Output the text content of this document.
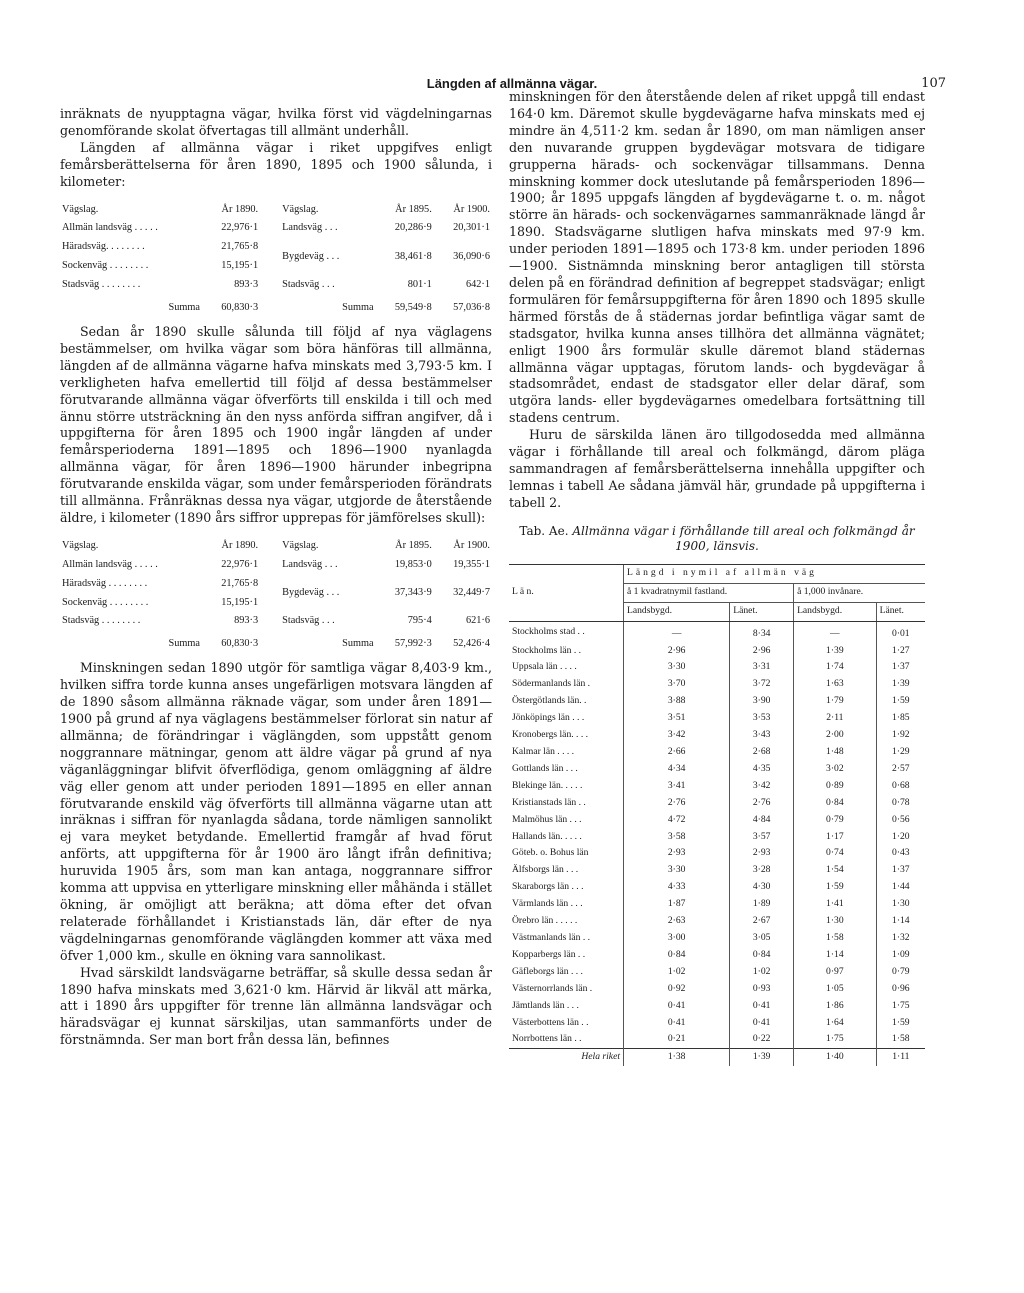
Längden af allmänna vägar.	107

inräknats de nyupptagna vägar, hvilka först vid vägdelningarnas genomförande skolat öfvertagas till allmänt underhåll.

Längden af allmänna vägar i riket uppgifves enligt femårsberättelserna för åren 1890, 1895 och 1900 sålunda, i kilometer:

Vägslag.	År 1890.	Vägslag.	År 1895.	År 1900.
Allmän landsväg . . . . .	22,976·1	Landsväg . . .	20,286·9	20,301·1
Häradsväg. . . . . . . .	21,765·8	Bygdeväg . . .	38,461·8	36,090·6
Sockenväg . . . . . . . .	15,195·1			
Stadsväg . . . . . . . .	893·3	Stadsväg . . .	801·1	642·1
Summa	60,830·3	Summa	59,549·8	57,036·8

Sedan år 1890 skulle sålunda till följd af nya väglagens bestämmelser, om hvilka vägar som böra hänföras till allmänna, längden af de allmänna vägarne hafva minskats med 3,793·5 km. I verkligheten hafva emellertid till följd af dessa bestämmelser förutvarande allmänna vägar öfverförts till enskilda i till och med ännu större utsträckning än den nyss anförda siffran angifver, då i uppgifterna för åren 1895 och 1900 ingår längden af under femårsperioderna 1891—1895 och 1896—1900 nyanlagda allmänna vägar, för åren 1896—1900 härunder inbegripna förutvarande enskilda vägar, som under femårsperioden förändrats till allmänna. Frånräknas dessa nya vägar, utgjorde de återstående äldre, i kilometer (1890 års siffror upprepas för jämförelses skull):

Vägslag.	År 1890.	Vägslag.	År 1895.	År 1900.
Allmän landsväg . . . . .	22,976·1	Landsväg . . .	19,853·0	19,355·1
Häradsväg . . . . . . . .	21,765·8	Bygdeväg . . .	37,343·9	32,449·7
Sockenväg . . . . . . . .	15,195·1			
Stadsväg . . . . . . . .	893·3	Stadsväg . . .	795·4	621·6
Summa	60,830·3	Summa	57,992·3	52,426·4

Minskningen sedan 1890 utgör för samtliga vägar 8,403·9 km., hvilken siffra torde kunna anses ungefärligen motsvara längden af de 1890 såsom allmänna räknade vägar, som under åren 1891—1900 på grund af nya väglagens bestämmelser förlorat sin natur af allmänna; de förändringar i väglängden, som uppstått genom noggrannare mätningar, genom att äldre vägar på grund af nya väganläggningar blifvit öfverflödiga, genom omläggning af äldre väg eller genom att under perioden 1891—1895 en eller annan förutvarande enskild väg öfverförts till allmänna vägarne utan att inräknas i siffran för nyanlagda sådana, torde nämligen sannolikt ej vara meyket betydande. Emellertid framgår af hvad förut anförts, att uppgifterna för år 1900 äro långt ifrån definitiva; huruvida 1905 års, som man kan antaga, noggrannare siffror komma att uppvisa en ytterligare minskning eller måhända i stället ökning, är omöjligt att beräkna; att döma efter det ofvan relaterade förhållandet i Kristianstads län, där efter de nya vägdelningarnas genomförande väglängden kommer att växa med öfver 1,000 km., skulle en ökning vara sannolikast.

Hvad särskildt landsvägarne beträffar, så skulle dessa sedan år 1890 hafva minskats med 3,621·0 km. Härvid är likväl att märka, att i 1890 års uppgifter för trenne län allmänna landsvägar och häradsvägar ej kunnat särskiljas, utan sammanförts under de förstnämnda. Ser man bort från dessa län, befinnes

minskningen för den återstående delen af riket uppgå till endast 164·0 km. Däremot skulle bygdevägarne hafva minskats med ej mindre än 4,511·2 km. sedan år 1890, om man nämligen anser den nuvarande gruppen bygdevägar motsvara de tidigare grupperna härads- och sockenvägar tillsammans. Denna minskning kommer dock uteslutande på femårsperioden 1896—1900; år 1895 uppgafs längden af bygdevägarne t. o. m. något större än härads- och sockenvägarnes sammanräknade längd år 1890. Stadsvägarne slutligen hafva minskats med 97·9 km. under perioden 1891—1895 och 173·8 km. under perioden 1896—1900. Sistnämnda minskning beror antagligen till största delen på en förändrad definition af begreppet stadsvägar; enligt formulären för femårsuppgifterna för åren 1890 och 1895 skulle härmed förstås de å städernas jordar befintliga vägar samt de stadsgator, hvilka kunna anses tillhöra det allmänna vägnätet; enligt 1900 års formulär skulle däremot bland städernas allmänna vägar upptagas, förutom lands- och bygdevägar å stadsområdet, endast de stadsgator eller delar däraf, som utgöra lands- eller bygdevägarnes omedelbara fortsättning till stadens centrum.

Huru de särskilda länen äro tillgodosedda med allmänna vägar i förhållande till areal och folkmängd, därom pläga sammandragen af femårsberättelserna innehålla uppgifter och lemnas i tabell Ae sådana jämväl här, grundade på uppgifterna i tabell 2.

Tab. Ae. Allmänna vägar i förhållande till areal och folkmängd år 1900, länsvis.
L ä n.	Längd i nymil af allmän väg			
	å 1 kvadratnymil fastland.		å 1,000 invånare.	
	Landsbygd.	Länet.	Landsbygd.	Länet.
Stockholms stad . .	—	8·34	—	0·01
Stockholms län . .	2·96	2·96	1·39	1·27
Uppsala län . . . .	3·30	3·31	1·74	1·37
Södermanlands län .	3·70	3·72	1·63	1·39
Östergötlands län. .	3·88	3·90	1·79	1·59
Jönköpings län . . .	3·51	3·53	2·11	1·85
Kronobergs län. . . .	3·42	3·43	2·00	1·92
Kalmar län . . . .	2·66	2·68	1·48	1·29
Gottlands län . . .	4·34	4·35	3·02	2·57
Blekinge län. . . . .	3·41	3·42	0·89	0·68
Kristianstads län . .	2·76	2·76	0·84	0·78
Malmöhus län . . .	4·72	4·84	0·79	0·56
Hallands län. . . . .	3·58	3·57	1·17	1·20
Göteb. o. Bohus län	2·93	2·93	0·74	0·43
Älfsborgs län . . .	3·30	3·28	1·54	1·37
Skaraborgs län . . .	4·33	4·30	1·59	1·44
Värmlands län . . .	1·87	1·89	1·41	1·30
Örebro län . . . . .	2·63	2·67	1·30	1·14
Västmanlands län . .	3·00	3·05	1·58	1·32
Kopparbergs län . .	0·84	0·84	1·14	1·09
Gäfleborgs län . . .	1·02	1·02	0·97	0·79
Västernorrlands län .	0·92	0·93	1·05	0·96
Jämtlands län . . .	0·41	0·41	1·86	1·75
Västerbottens län . .	0·41	0·41	1·64	1·59
Norrbottens län . .	0·21	0·22	1·75	1·58
Hela riket	1·38	1·39	1·40	1·11
